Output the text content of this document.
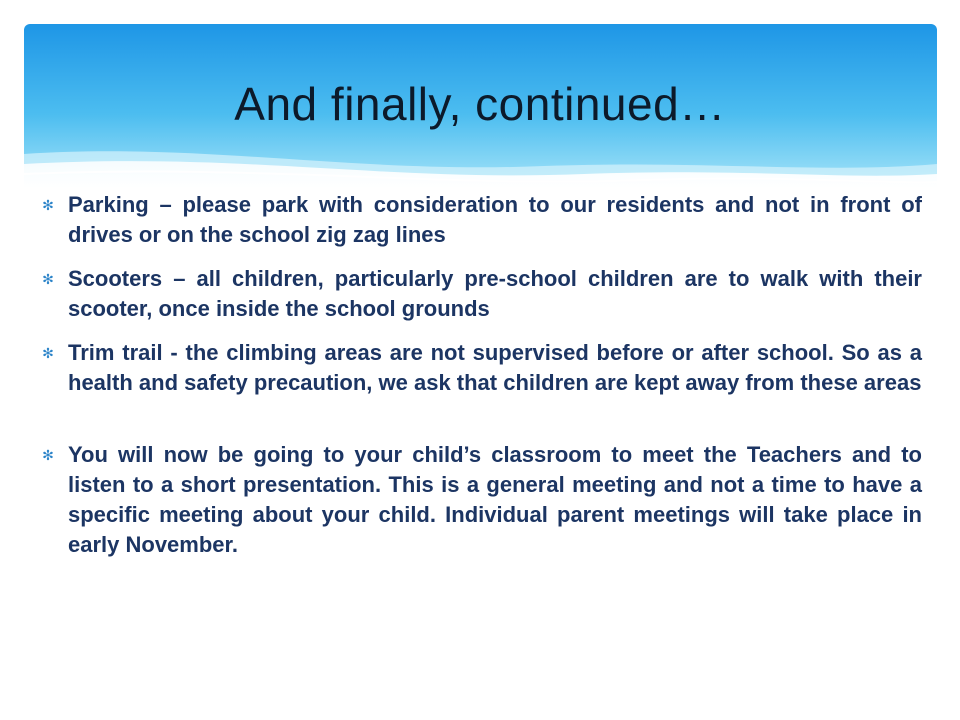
And finally, continued…
✻ Parking – please park with consideration to our residents and not in front of drives or on the school zig zag lines
✻ Scooters – all children, particularly pre-school children are to walk with their scooter, once inside the school grounds
✻ Trim trail - the climbing areas are not supervised before or after school. So as a health and safety precaution, we ask that children are kept away from these areas
✻ You will now be going to your child’s classroom to meet the Teachers and to listen to a short presentation. This is a general meeting and not a time to have a specific meeting about your child. Individual parent meetings will take place in early November.
